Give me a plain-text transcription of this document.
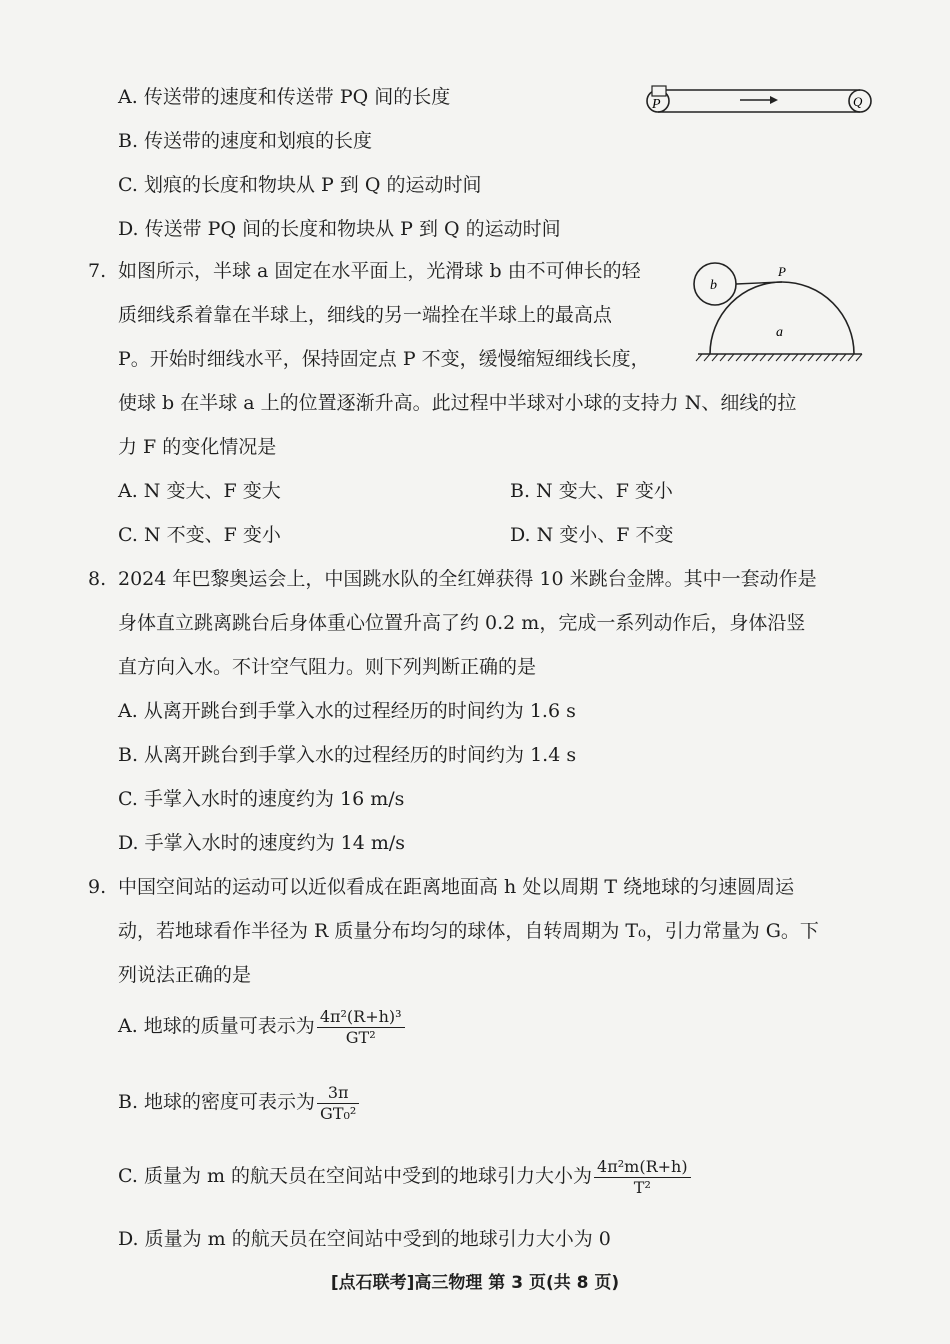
A. 传送带的速度和传送带 PQ 间的长度
B. 传送带的速度和划痕的长度
C. 划痕的长度和物块从 P 到 Q 的运动时间
D. 传送带 PQ 间的长度和物块从 P 到 Q 的运动时间
P	Q
7. 如图所示，半球 a 固定在水平面上，光滑球 b 由不可伸长的轻
质细线系着靠在半球上，细线的另一端拴在半球上的最高点
P。开始时细线水平，保持固定点 P 不变，缓慢缩短细线长度，
使球 b 在半球 a 上的位置逐渐升高。此过程中半球对小球的支持力 N、细线的拉
力 F 的变化情况是
A. N 变大、F 变大	B. N 变大、F 变小
C. N 不变、F 变小	D. N 变小、F 不变
b
P
a
8. 2024 年巴黎奥运会上，中国跳水队的全红婵获得 10 米跳台金牌。其中一套动作是
身体直立跳离跳台后身体重心位置升高了约 0.2 m，完成一系列动作后，身体沿竖
直方向入水。不计空气阻力。则下列判断正确的是
A. 从离开跳台到手掌入水的过程经历的时间约为 1.6 s
B. 从离开跳台到手掌入水的过程经历的时间约为 1.4 s
C. 手掌入水时的速度约为 16 m/s
D. 手掌入水时的速度约为 14 m/s
9. 中国空间站的运动可以近似看成在距离地面高 h 处以周期 T 绕地球的匀速圆周运
动，若地球看作半径为 R 质量分布均匀的球体，自转周期为 T₀，引力常量为 G。下
列说法正确的是
A. 地球的质量可表示为 $\frac{\text{4π²(R+h)³}}{\text{GT²}}$
B. 地球的密度可表示为 $\frac{3\pi}{\text{GT₀²}}$
C. 质量为 m 的航天员在空间站中受到的地球引力大小为 $\frac{\text{4π²m(R+h)}}{\text{T²}}$
D. 质量为 m 的航天员在空间站中受到的地球引力大小为 0
[点石联考]高三物理 第 3 页(共 8 页)
